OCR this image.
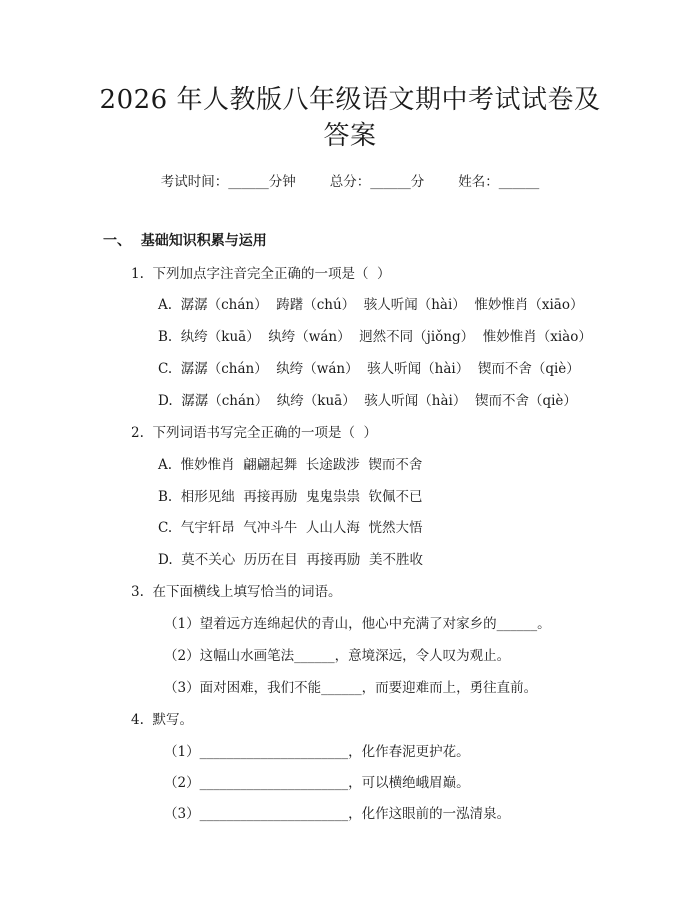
2026 年人教版八年级语文期中考试试卷及答案
考试时间：______分钟	总分：______分	姓名：______
一、  基础知识积累与运用
1.  下列加点字注音完全正确的一项是（  ）
A.  潺潺（chán）  踌躇（chú）  骇人听闻（hài）  惟妙惟肖（xiāo）
B.  纨绔（kuā）  纨绔（wán）  迥然不同（jiǒng）  惟妙惟肖（xiào）
C.  潺潺（chán）  纨绔（wán）  骇人听闻（hài）  锲而不舍（qiè）
D.  潺潺（chán）  纨绔（kuā）  骇人听闻（hài）  锲而不舍（qiè）
2.  下列词语书写完全正确的一项是（  ）
A.  惟妙惟肖  翩翩起舞  长途跋涉  锲而不舍
B.  相形见绌  再接再励  鬼鬼祟祟  钦佩不已
C.  气宇轩昂  气冲斗牛  人山人海  恍然大悟
D.  莫不关心  历历在目  再接再励  美不胜收
3.  在下面横线上填写恰当的词语。
（1）望着远方连绵起伏的青山，他心中充满了对家乡的______。
（2）这幅山水画笔法______，意境深远，令人叹为观止。
（3）面对困难，我们不能______，而要迎难而上，勇往直前。
4.  默写。
（1）______________________，化作春泥更护花。
（2）______________________，可以横绝峨眉巅。
（3）______________________，化作这眼前的一泓清泉。
